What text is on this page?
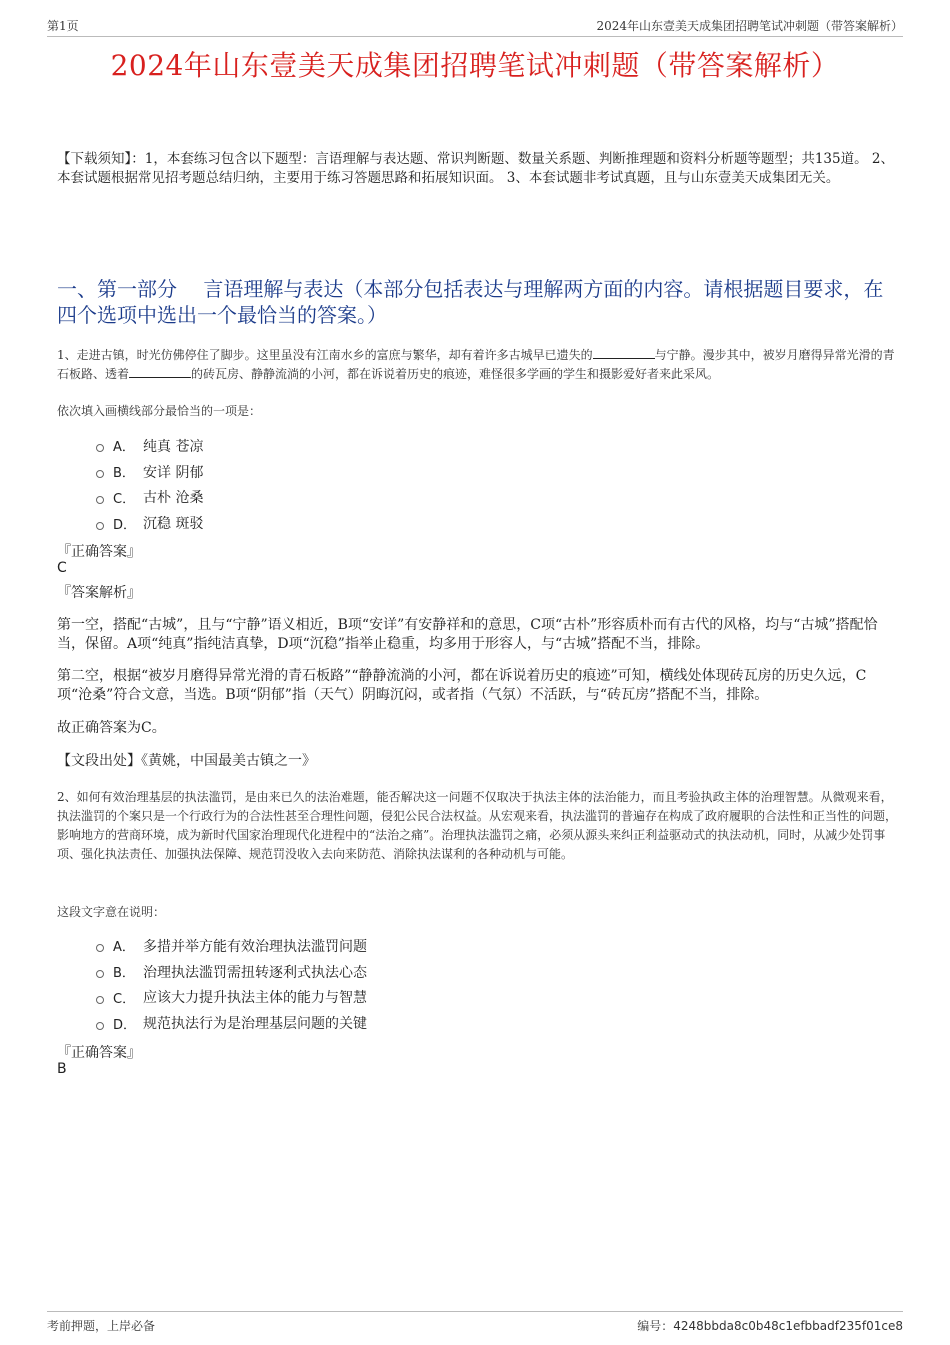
第1页	2024年山东壹美天成集团招聘笔试冲刺题（带答案解析）
2024年山东壹美天成集团招聘笔试冲刺题（带答案解析）
【下载须知】：1，本套练习包含以下题型：言语理解与表达题、常识判断题、数量关系题、判断推理题和资料分析题等题型；共135道。 2、本套试题根据常见招考题总结归纳，主要用于练习答题思路和拓展知识面。 3、本套试题非考试真题，且与山东壹美天成集团无关。
一、第一部分　 言语理解与表达（本部分包括表达与理解两方面的内容。请根据题目要求，在四个选项中选出一个最恰当的答案。）
1、走进古镇，时光仿佛停住了脚步。这里虽没有江南水乡的富庶与繁华，却有着许多古城早已遗失的	与宁静。漫步其中，被岁月磨得异常光滑的青石板路、透着	的砖瓦房、静静流淌的小河，都在诉说着历史的痕迹，难怪很多学画的学生和摄影爱好者来此采风。
依次填入画横线部分最恰当的一项是：
A． 纯真 苍凉
B． 安详 阴郁
C． 古朴 沧桑
D． 沉稳 斑驳
『正确答案』
C
『答案解析』
第一空，搭配“古城”，且与“宁静”语义相近，B项“安详”有安静祥和的意思，C项“古朴”形容质朴而有古代的风格，均与“古城”搭配恰当，保留。A项“纯真”指纯洁真挚，D项“沉稳”指举止稳重，均多用于形容人，与“古城”搭配不当，排除。
第二空，根据“被岁月磨得异常光滑的青石板路”“静静流淌的小河，都在诉说着历史的痕迹”可知，横线处体现砖瓦房的历史久远，C项“沧桑”符合文意，当选。B项“阴郁”指（天气）阴晦沉闷，或者指（气氛）不活跃，与“砖瓦房”搭配不当，排除。
故正确答案为C。
【文段出处】《黄姚，中国最美古镇之一》
2、如何有效治理基层的执法滥罚，是由来已久的法治难题，能否解决这一问题不仅取决于执法主体的法治能力，而且考验执政主体的治理智慧。从微观来看，执法滥罚的个案只是一个行政行为的合法性甚至合理性问题，侵犯公民合法权益。从宏观来看，执法滥罚的普遍存在构成了政府履职的合法性和正当性的问题，影响地方的营商环境，成为新时代国家治理现代化进程中的“法治之痛”。治理执法滥罚之痛，必须从源头来纠正利益驱动式的执法动机，同时，从减少处罚事项、强化执法责任、加强执法保障、规范罚没收入去向来防范、消除执法谋利的各种动机与可能。
这段文字意在说明：
A． 多措并举方能有效治理执法滥罚问题
B． 治理执法滥罚需扭转逐利式执法心态
C． 应该大力提升执法主体的能力与智慧
D． 规范执法行为是治理基层问题的关键
『正确答案』
B
考前押题，上岸必备	编号：4248bbda8c0b48c1efbbadf235f01ce8
